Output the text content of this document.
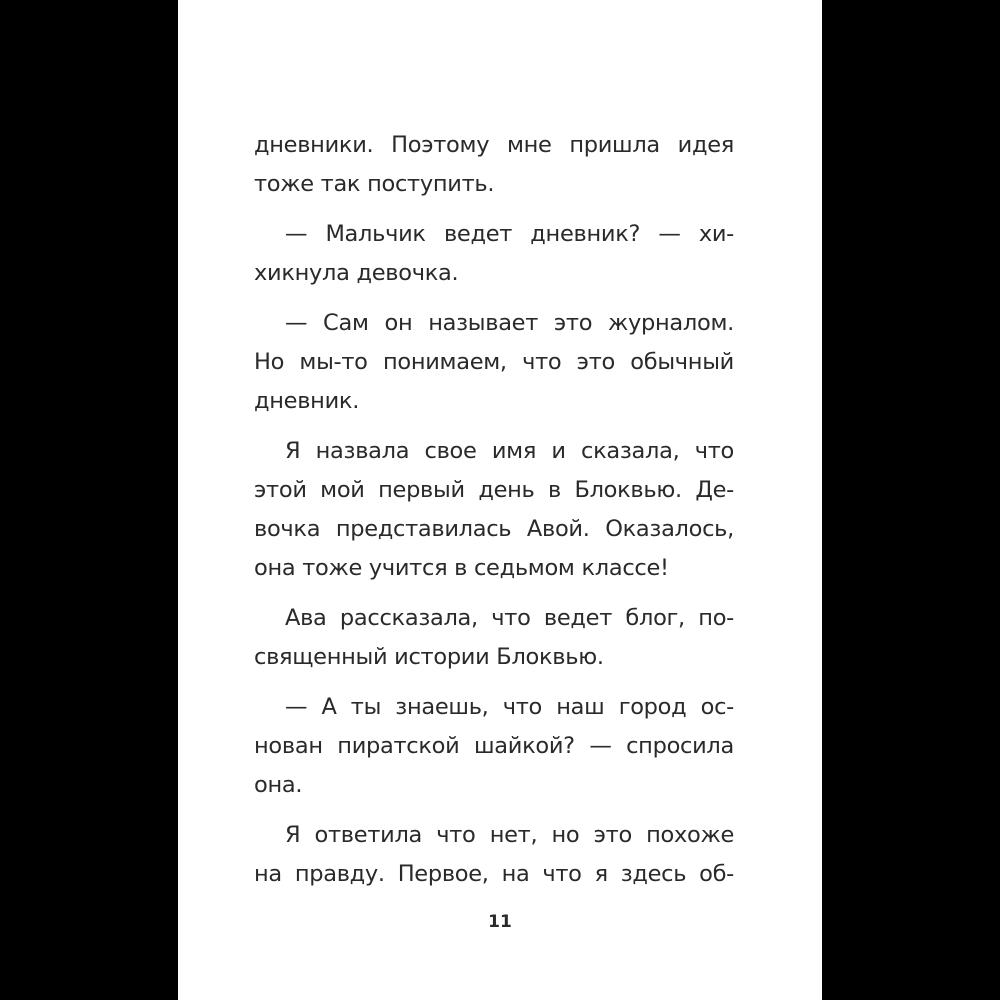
дневники. Поэтому мне пришла идея
тоже так поступить.
— Мальчик ведет дневник? — хи-
хикнула девочка.
— Сам он называет это журналом.
Но мы-то понимаем, что это обычный
дневник.
Я назвала свое имя и сказала, что
этой мой первый день в Блоквью. Де-
вочка представилась Авой. Оказалось,
она тоже учится в седьмом классе!
Ава рассказала, что ведет блог, по-
священный истории Блоквью.
— А ты знаешь, что наш город ос-
нован пиратской шайкой? — спросила
она.
Я ответила что нет, но это похоже
на правду. Первое, на что я здесь об-
11
